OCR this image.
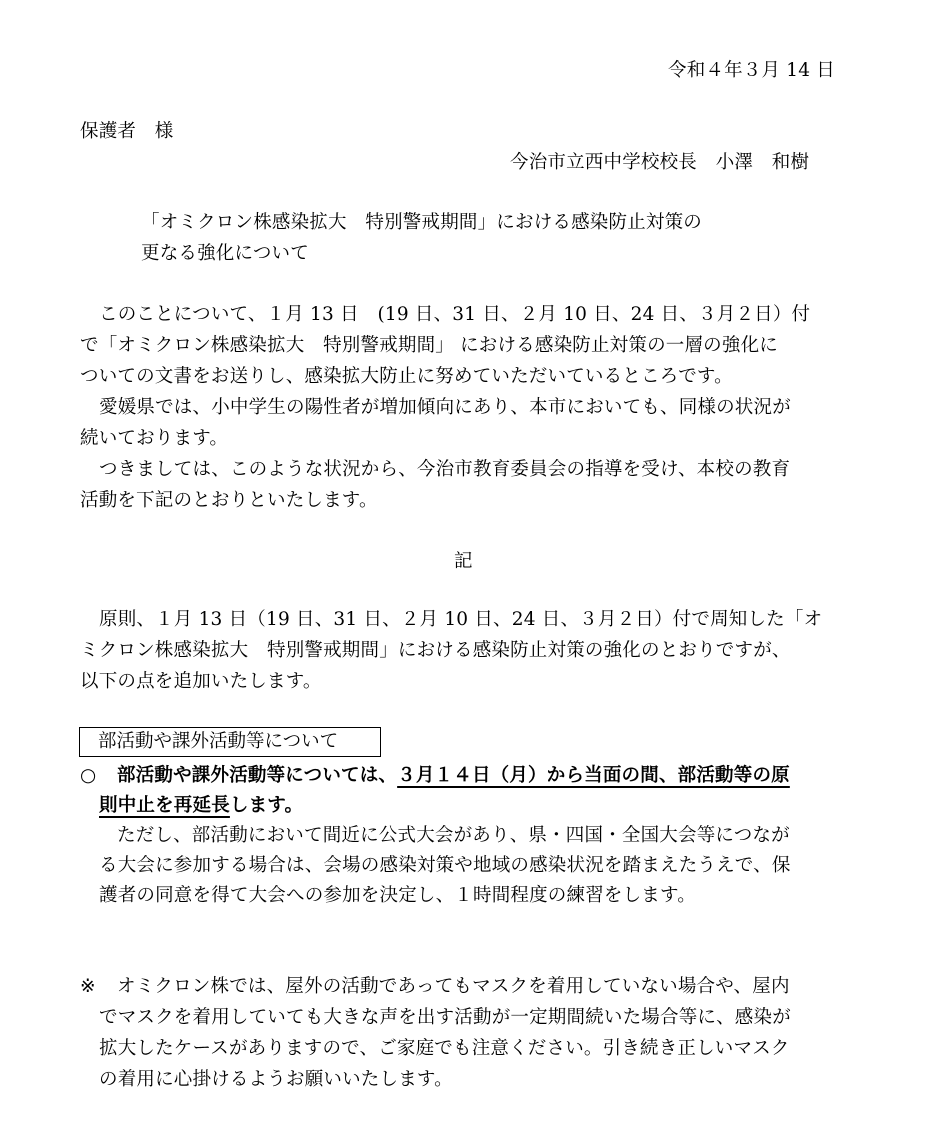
令和４年３月 14 日
保護者　様
今治市立西中学校校長　小澤　和樹
「オミクロン株感染拡大　特別警戒期間」における感染防止対策の
更なる強化について
このことについて、１月 13 日　(19 日、31 日、２月 10 日、24 日、３月２日）付
で「オミクロン株感染拡大　特別警戒期間」 における感染防止対策の一層の強化に
ついての文書をお送りし、感染拡大防止に努めていただいているところです。
愛媛県では、小中学生の陽性者が増加傾向にあり、本市においても、同様の状況が
続いております。
つきましては、このような状況から、今治市教育委員会の指導を受け、本校の教育
活動を下記のとおりといたします。
記
原則、１月 13 日（19 日、31 日、２月 10 日、24 日、３月２日）付で周知した「オ
ミクロン株感染拡大　特別警戒期間」における感染防止対策の強化のとおりですが、
以下の点を追加いたします。
部活動や課外活動等について
○ 部活動や課外活動等については、３月１４日（月）から当面の間、部活動等の原
則中止を再延長します。
ただし、部活動において間近に公式大会があり、県・四国・全国大会等につなが
る大会に参加する場合は、会場の感染対策や地域の感染状況を踏まえたうえで、保
護者の同意を得て大会への参加を決定し、１時間程度の練習をします。
※ オミクロン株では、屋外の活動であってもマスクを着用していない場合や、屋内
でマスクを着用していても大きな声を出す活動が一定期間続いた場合等に、感染が
拡大したケースがありますので、ご家庭でも注意ください。引き続き正しいマスク
の着用に心掛けるようお願いいたします。
